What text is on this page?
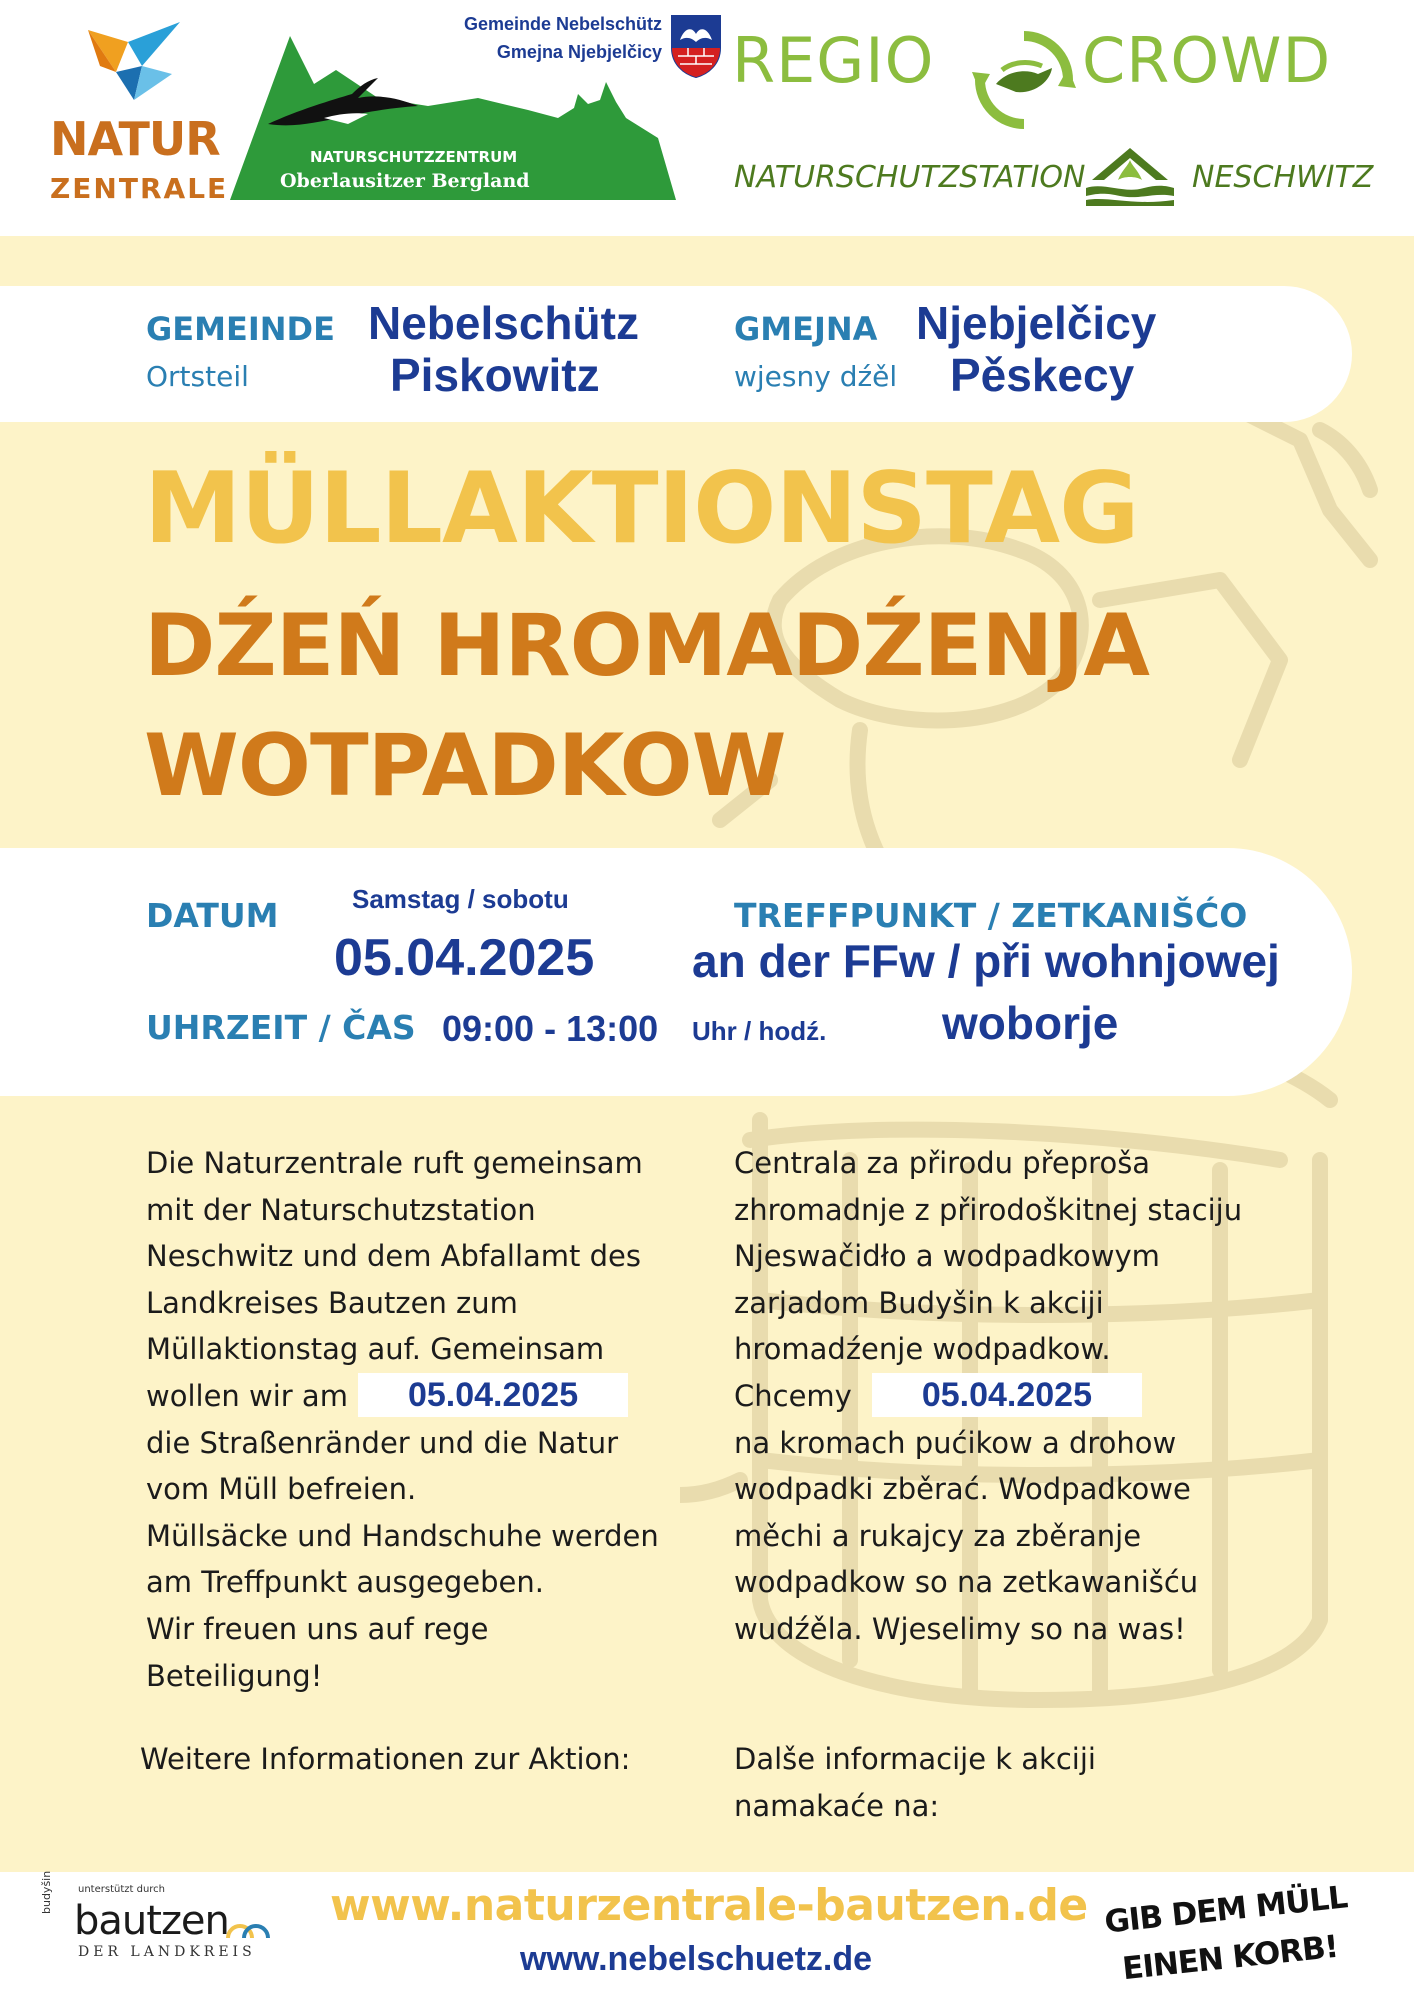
NATUR
ZENTRALE
NATURSCHUTZZENTRUM
Oberlausitzer Bergland
Gemeinde Nebelschütz
Gmejna Njebjelčicy REGIO CROWD
NATURSCHUTZSTATION	NESCHWITZ
GEMEINDE
Ortsteil
Nebelschütz
Piskowitz
GMEJNA
wjesny dźěl
Njebjelčicy
Pěskecy
MÜLLAKTIONSTAG
DŹEŃ HROMADŹENJA
WOTPADKOW
DATUM	Samstag / sobotu
05.04.2025
UHRZEIT / ČAS 09:00 - 13:00 Uhr / hodź.
TREFFPUNKT / ZETKANIŠĆO
an der FFw / při wohnjowej
woborje
Die Naturzentrale ruft gemeinsam
mit der Naturschutzstation
Neschwitz und dem Abfallamt des
Landkreises Bautzen zum
Müllaktionstag auf. Gemeinsam
wollen wir am 05.04.2025
die Straßenränder und die Natur
vom Müll befreien.
Müllsäcke und Handschuhe werden
am Treffpunkt ausgegeben.
Wir freuen uns auf rege
Beteiligung!
Centrala za přirodu přeproša
zhromadnje z přirodoškitnej staciju
Njeswačidło a wodpadkowym
zarjadom Budyšin k akciji
hromadźenje wodpadkow.
Chcemy 05.04.2025
na kromach pućikow a drohow
wodpadki zběrać. Wodpadkowe
měchi a rukajcy za zběranje
wodpadkow so na zetkawanišću
wudźěla. Wjeselimy so na was!
Weitere Informationen zur Aktion:	Dalše informacije k akciji
namakaće na:
unterstützt durch
budyšin
bautzen
DER LANDKREIS
www.naturzentrale-bautzen.de
www.nebelschuetz.de
GIB DEM MÜLL
EINEN KORB!
